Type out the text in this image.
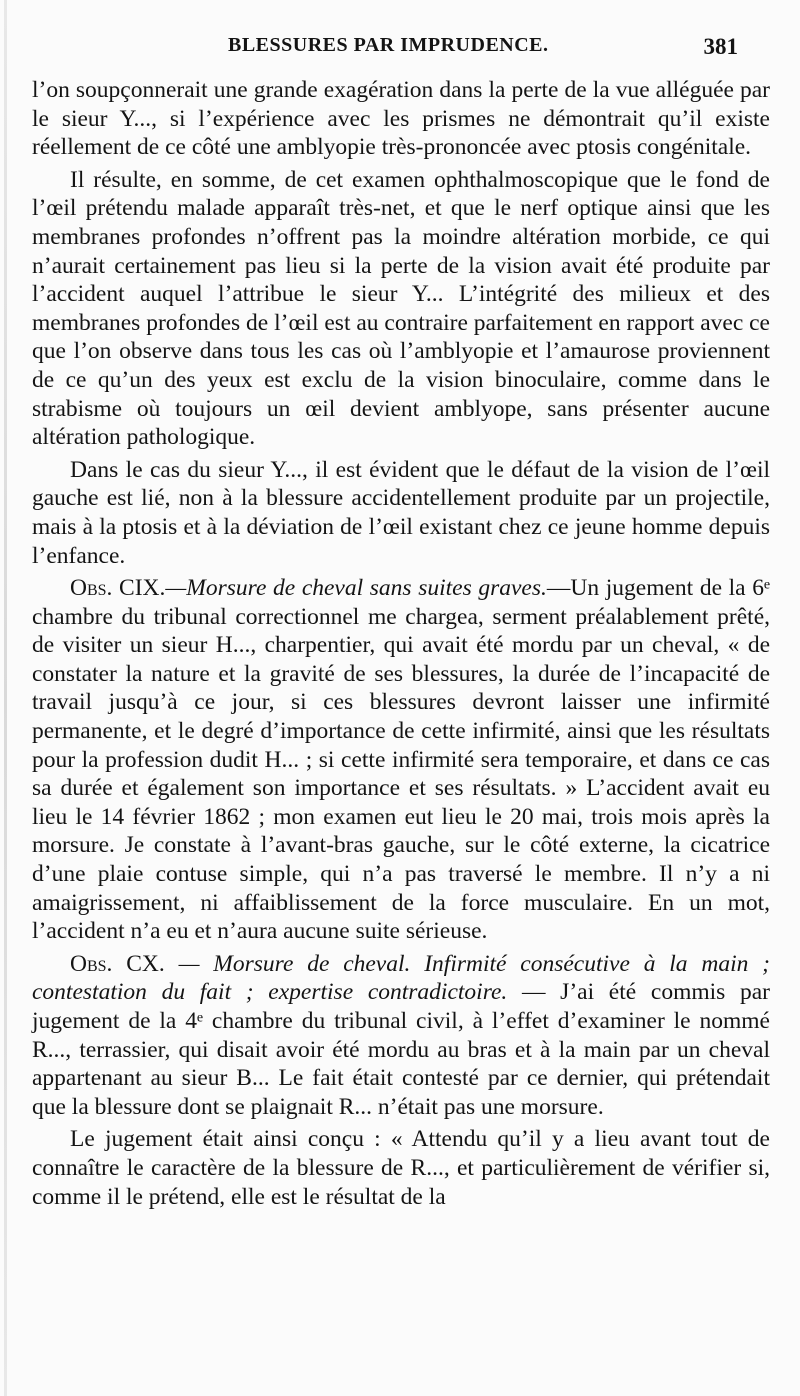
BLESSURES PAR IMPRUDENCE.	381

l’on soupçonnerait une grande exagération dans la perte de la vue alléguée par le sieur Y..., si l’expérience avec les prismes ne démontrait qu’il existe réellement de ce côté une amblyopie très-prononcée avec ptosis congénitale.

Il résulte, en somme, de cet examen ophthalmoscopique que le fond de l’œil prétendu malade apparaît très-net, et que le nerf optique ainsi que les membranes profondes n’offrent pas la moindre altération morbide, ce qui n’aurait certainement pas lieu si la perte de la vision avait été produite par l’accident auquel l’attribue le sieur Y... L’intégrité des milieux et des membranes profondes de l’œil est au contraire parfaitement en rapport avec ce que l’on observe dans tous les cas où l’amblyopie et l’amaurose proviennent de ce qu’un des yeux est exclu de la vision binoculaire, comme dans le strabisme où toujours un œil devient amblyope, sans présenter aucune altération pathologique.

Dans le cas du sieur Y..., il est évident que le défaut de la vision de l’œil gauche est lié, non à la blessure accidentellement produite par un projectile, mais à la ptosis et à la déviation de l’œil existant chez ce jeune homme depuis l’enfance.

Obs. CIX.—Morsure de cheval sans suites graves.—Un jugement de la 6ᵉ chambre du tribunal correctionnel me chargea, serment préalablement prêté, de visiter un sieur H..., charpentier, qui avait été mordu par un cheval, « de constater la nature et la gravité de ses blessures, la durée de l’incapacité de travail jusqu’à ce jour, si ces blessures devront laisser une infirmité permanente, et le degré d’importance de cette infirmité, ainsi que les résultats pour la profession dudit H... ; si cette infirmité sera temporaire, et dans ce cas sa durée et également son importance et ses résultats. » L’accident avait eu lieu le 14 février 1862 ; mon examen eut lieu le 20 mai, trois mois après la morsure. Je constate à l’avant-bras gauche, sur le côté externe, la cicatrice d’une plaie contuse simple, qui n’a pas traversé le membre. Il n’y a ni amaigrissement, ni affaiblissement de la force musculaire. En un mot, l’accident n’a eu et n’aura aucune suite sérieuse.

Obs. CX. — Morsure de cheval. Infirmité consécutive à la main ; contestation du fait ; expertise contradictoire. — J’ai été commis par jugement de la 4ᵉ chambre du tribunal civil, à l’effet d’examiner le nommé R..., terrassier, qui disait avoir été mordu au bras et à la main par un cheval appartenant au sieur B... Le fait était contesté par ce dernier, qui prétendait que la blessure dont se plaignait R... n’était pas une morsure.

Le jugement était ainsi conçu : « Attendu qu’il y a lieu avant tout de connaître le caractère de la blessure de R..., et particulièrement de vérifier si, comme il le prétend, elle est le résultat de la
